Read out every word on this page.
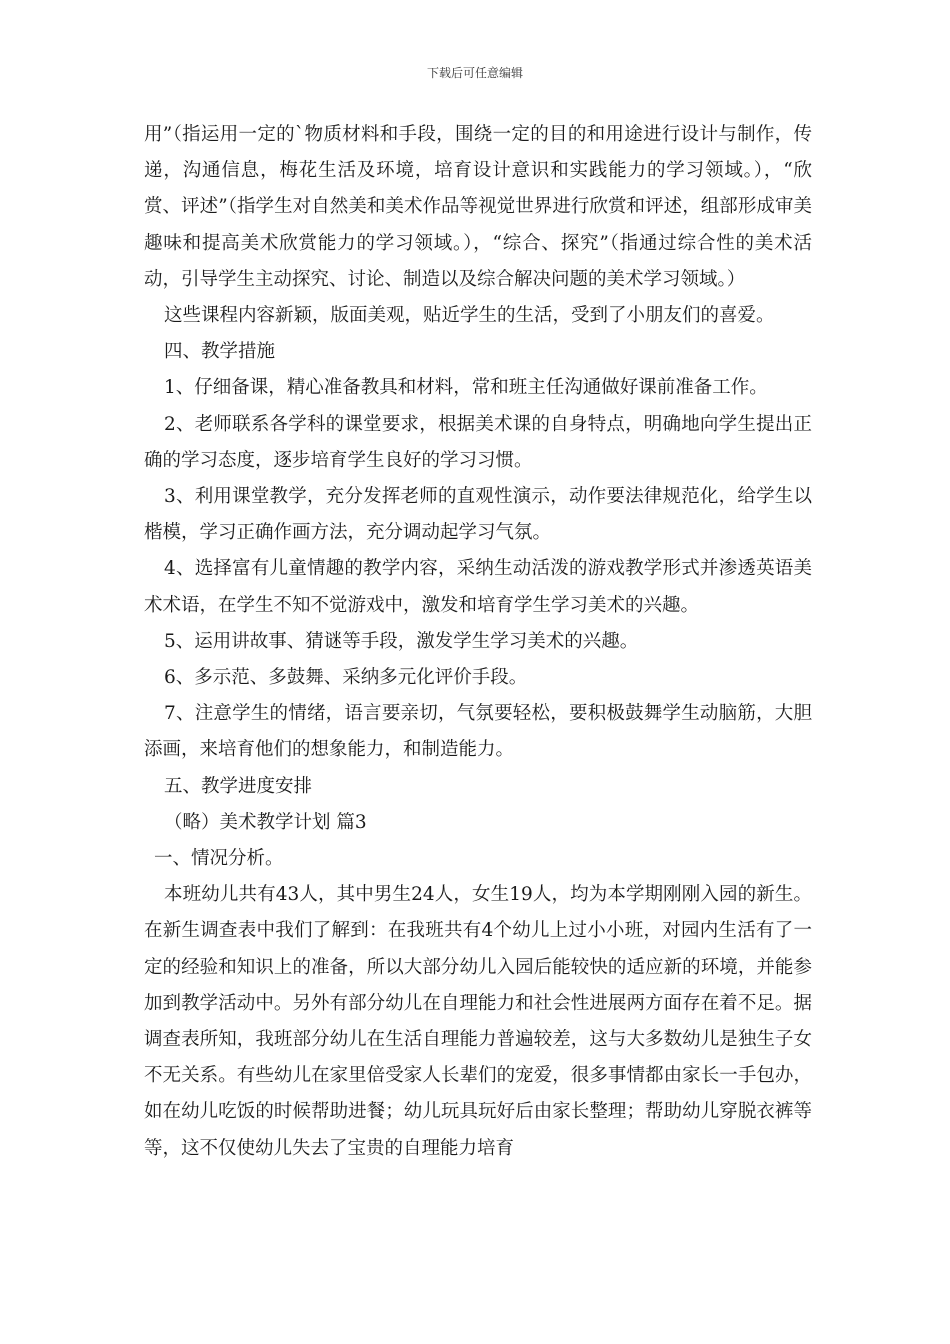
下载后可任意编辑

用”（指运用一定的`物质材料和手段，围绕一定的目的和用途进行设计与制作，传递，沟通信息，梅花生活及环境，培育设计意识和实践能力的学习领域。），“欣赏、评述”（指学生对自然美和美术作品等视觉世界进行欣赏和评述，组部形成审美趣味和提高美术欣赏能力的学习领域。），“综合、探究”（指通过综合性的美术活动，引导学生主动探究、讨论、制造以及综合解决问题的美术学习领域。）

这些课程内容新颖，版面美观，贴近学生的生活，受到了小朋友们的喜爱。

四、教学措施

1、仔细备课，精心准备教具和材料，常和班主任沟通做好课前准备工作。

2、老师联系各学科的课堂要求，根据美术课的自身特点，明确地向学生提出正确的学习态度，逐步培育学生良好的学习习惯。

3、利用课堂教学，充分发挥老师的直观性演示，动作要法律规范化，给学生以楷模，学习正确作画方法，充分调动起学习气氛。

4、选择富有儿童情趣的教学内容，采纳生动活泼的游戏教学形式并渗透英语美术术语，在学生不知不觉游戏中，激发和培育学生学习美术的兴趣。

5、运用讲故事、猜谜等手段，激发学生学习美术的兴趣。

6、多示范、多鼓舞、采纳多元化评价手段。

7、注意学生的情绪，语言要亲切，气氛要轻松，要积极鼓舞学生动脑筋，大胆添画，来培育他们的想象能力，和制造能力。

五、教学进度安排

（略）美术教学计划 篇3

一、情况分析。

本班幼儿共有43人，其中男生24人，女生19人，均为本学期刚刚入园的新生。在新生调查表中我们了解到：在我班共有4个幼儿上过小小班，对园内生活有了一定的经验和知识上的准备，所以大部分幼儿入园后能较快的适应新的环境，并能参加到教学活动中。另外有部分幼儿在自理能力和社会性进展两方面存在着不足。据调查表所知，我班部分幼儿在生活自理能力普遍较差，这与大多数幼儿是独生子女不无关系。有些幼儿在家里倍受家人长辈们的宠爱，很多事情都由家长一手包办，如在幼儿吃饭的时候帮助进餐；幼儿玩具玩好后由家长整理；帮助幼儿穿脱衣裤等等，这不仅使幼儿失去了宝贵的自理能力培育
